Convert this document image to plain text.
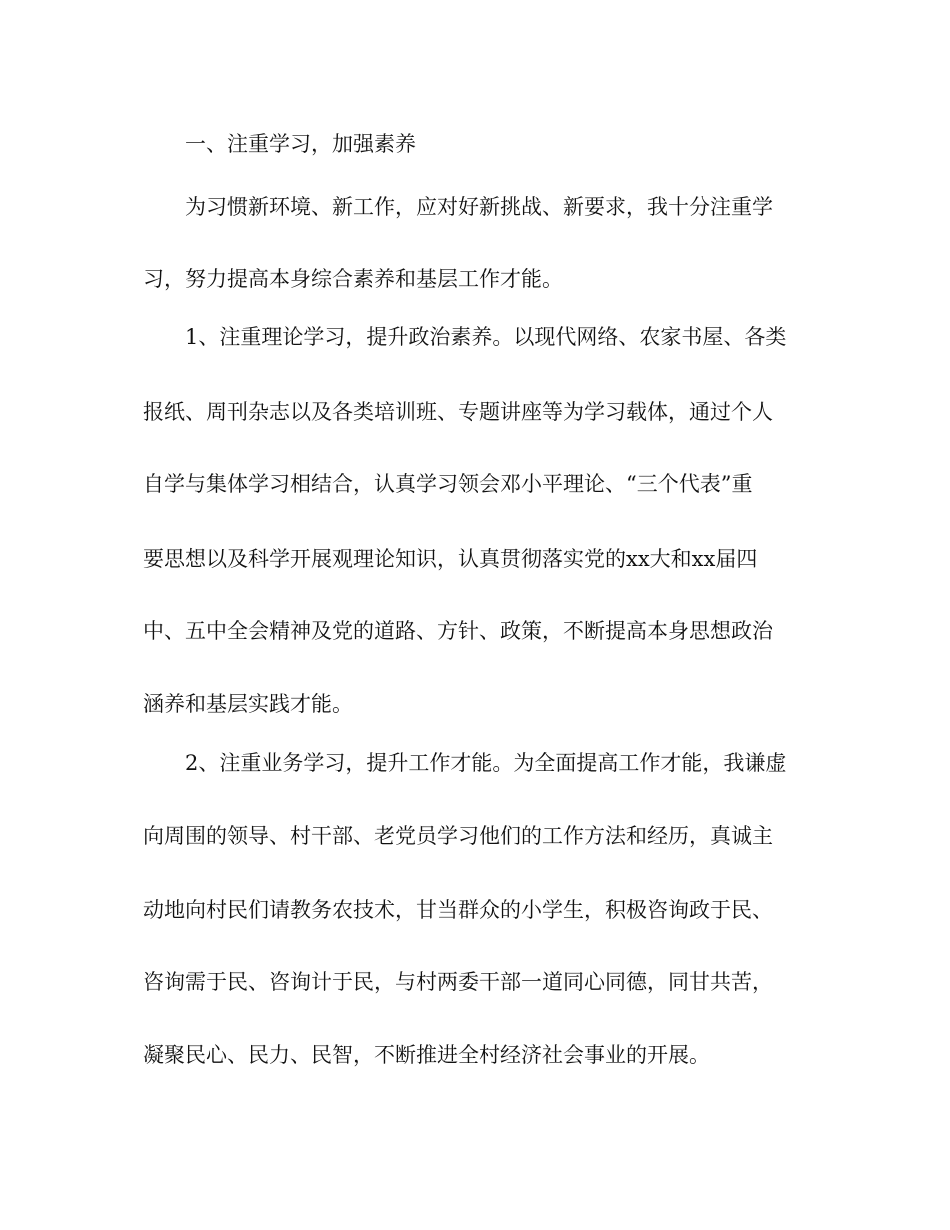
一、注重学习，加强素养
为习惯新环境、新工作，应对好新挑战、新要求，我十分注重学
习，努力提高本身综合素养和基层工作才能。
1、注重理论学习，提升政治素养。以现代网络、农家书屋、各类
报纸、周刊杂志以及各类培训班、专题讲座等为学习载体，通过个人
自学与集体学习相结合，认真学习领会邓小平理论、“三个代表”重
要思想以及科学开展观理论知识，认真贯彻落实党的xx大和xx届四
中、五中全会精神及党的道路、方针、政策，不断提高本身思想政治
涵养和基层实践才能。
2、注重业务学习，提升工作才能。为全面提高工作才能，我谦虚
向周围的领导、村干部、老党员学习他们的工作方法和经历，真诚主
动地向村民们请教务农技术，甘当群众的小学生，积极咨询政于民、
咨询需于民、咨询计于民，与村两委干部一道同心同德，同甘共苦，
凝聚民心、民力、民智，不断推进全村经济社会事业的开展。
